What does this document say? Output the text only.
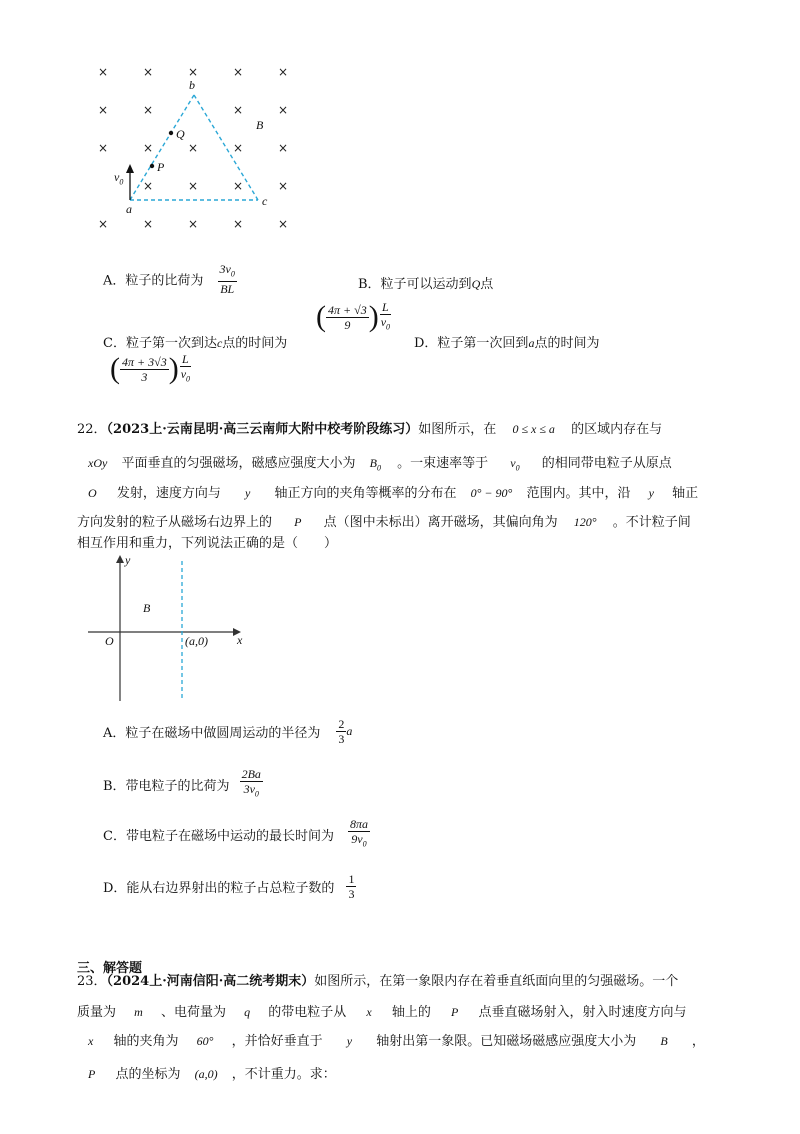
×	×	×	×	×
×	×	×	×
×	×	×	×	×
×	×	×	×
×	×	×	×	×
b
Q
P
B
$v_0$
a
c
A．粒子的比荷为 $\frac{3v_0}{BL}$	B．粒子可以运动到Q点
C．粒子第一次到达c点的时间为
( $\frac{4\pi + √3}{9}$ ) $\frac{L}{v_0}$
D．粒子第一次回到a点的时间为
( $\frac{4\pi + 3√3}{3}$ ) $\frac{L}{v_0}$
22．（2023上·云南昆明·高三云南师大附中校考阶段练习）如图所示，在 0 ≤ x ≤ a 的区域内存在与
xOy 平面垂直的匀强磁场，磁感应强度大小为 $B_0$ 。一束速率等于 $v_0$ 的相同带电粒子从原点
O 发射，速度方向与 y 轴正方向的夹角等概率的分布在 0° − 90° 范围内。其中，沿 y 轴正
方向发射的粒子从磁场右边界上的 P 点（图中未标出）离开磁场，其偏向角为 120° 。不计粒子间
相互作用和重力，下列说法正确的是（　　）
y
x
O
B
(a,0)
A．粒子在磁场中做圆周运动的半径为 $\frac{2}{3}$ a
B．带电粒子的比荷为 $\frac{2Ba}{3v_0}$
C．带电粒子在磁场中运动的最长时间为 $\frac{8\pi a}{9v_0}$
D．能从右边界射出的粒子占总粒子数的 $\frac{1}{3}$
三、解答题
23．（2024上·河南信阳·高二统考期末）如图所示，在第一象限内存在着垂直纸面向里的匀强磁场。一个
质量为 m 、电荷量为 q 的带电粒子从 x 轴上的 P 点垂直磁场射入，射入时速度方向与
x 轴的夹角为 60° ，并恰好垂直于 y 轴射出第一象限。已知磁场磁感应强度大小为 B ，
P 点的坐标为 (a,0) ，不计重力。求：
